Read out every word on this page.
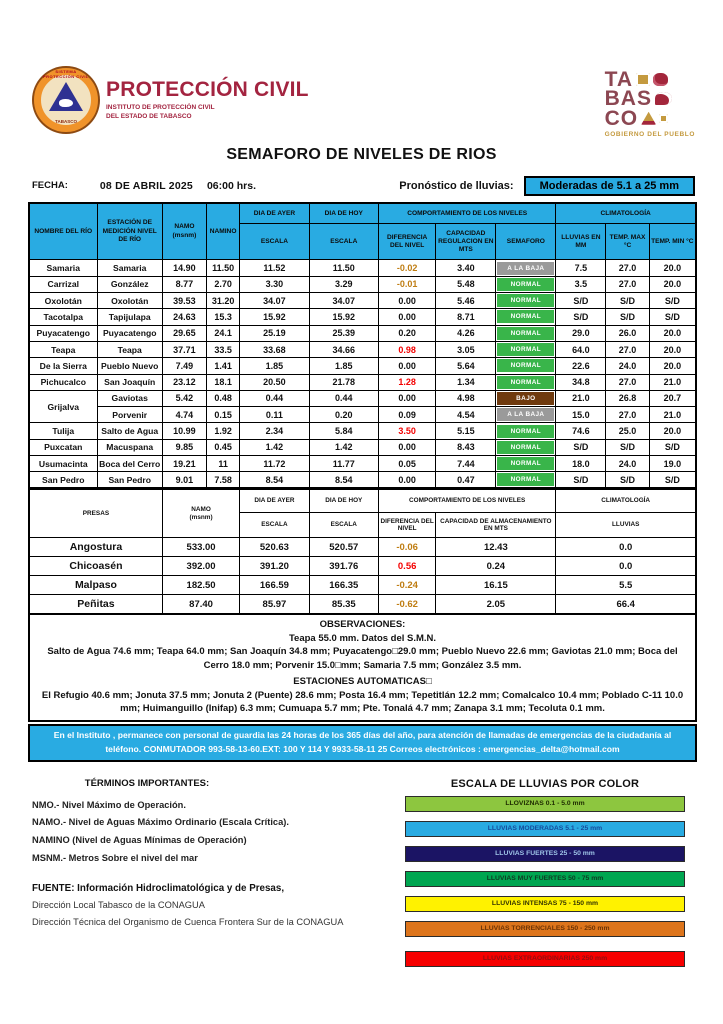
SISTEMA PROTECCIÓN CIVIL
TABASCO
PROTECCIÓN CIVIL
INSTITUTO DE PROTECCIÓN CIVIL
DEL ESTADO DE TABASCO
TA
BAS
CO
GOBIERNO DEL PUEBLO
SEMAFORO DE NIVELES DE RIOS
FECHA:	08 DE ABRIL 2025 06:00 hrs.	Pronóstico de lluvias:	Moderadas de 5.1 a 25 mm
NOMBRE DEL RÍO	ESTACIÓN DE MEDICIÓN NIVEL DE RÍO	NAMO (msnm)	NAMINO	DIA DE AYER	DIA DE HOY	COMPORTAMIENTO DE LOS NIVELES			CLIMATOLOGÍA		
				ESCALA	ESCALA	DIFERENCIA DEL NIVEL	CAPACIDAD REGULACION EN MTS	SEMAFORO	LLUVIAS EN MM	TEMP. MAX °C	TEMP. MIN °C
Samaria	Samaria	14.90	11.50	11.52	11.50	-0.02	3.40	A LA BAJA	7.5	27.0	20.0
Carrizal	González	8.77	2.70	3.30	3.29	-0.01	5.48	NORMAL	3.5	27.0	20.0
Oxolotán	Oxolotán	39.53	31.20	34.07	34.07	0.00	5.46	NORMAL	S/D	S/D	S/D
Tacotalpa	Tapijulapa	24.63	15.3	15.92	15.92	0.00	8.71	NORMAL	S/D	S/D	S/D
Puyacatengo	Puyacatengo	29.65	24.1	25.19	25.39	0.20	4.26	NORMAL	29.0	26.0	20.0
Teapa	Teapa	37.71	33.5	33.68	34.66	0.98	3.05	NORMAL	64.0	27.0	20.0
De la Sierra	Pueblo Nuevo	7.49	1.41	1.85	1.85	0.00	5.64	NORMAL	22.6	24.0	20.0
Pichucalco	San Joaquín	23.12	18.1	20.50	21.78	1.28	1.34	NORMAL	34.8	27.0	21.0
Grijalva	Gaviotas	5.42	0.48	0.44	0.44	0.00	4.98	BAJO	21.0	26.8	20.7
	Porvenir	4.74	0.15	0.11	0.20	0.09	4.54	A LA BAJA	15.0	27.0	21.0
Tulija	Salto de Agua	10.99	1.92	2.34	5.84	3.50	5.15	NORMAL	74.6	25.0	20.0
Puxcatan	Macuspana	9.85	0.45	1.42	1.42	0.00	8.43	NORMAL	S/D	S/D	S/D
Usumacinta	Boca del Cerro	19.21	11	11.72	11.77	0.05	7.44	NORMAL	18.0	24.0	19.0
San Pedro	San Pedro	9.01	7.58	8.54	8.54	0.00	0.47	NORMAL	S/D	S/D	S/D
PRESAS	NAMO
(msnm)	DIA DE AYER	DIA DE HOY	COMPORTAMIENTO DE LOS NIVELES		CLIMATOLOGÍA
		ESCALA	ESCALA	DIFERENCIA DEL NIVEL	CAPACIDAD DE ALMACENAMIENTO EN MTS	LLUVIAS
Angostura	533.00	520.63	520.57	-0.06	12.43	0.0
Chicoasén	392.00	391.20	391.76	0.56	0.24	0.0
Malpaso	182.50	166.59	166.35	-0.24	16.15	5.5
Peñitas	87.40	85.97	85.35	-0.62	2.05	66.4
OBSERVACIONES:
Teapa 55.0 mm. Datos del S.M.N.
Salto de Agua 74.6 mm; Teapa 64.0 mm; San Joaquín 34.8 mm; Puyacatengo□29.0 mm; Pueblo Nuevo 22.6 mm; Gaviotas 21.0 mm; Boca del Cerro 18.0 mm; Porvenir 15.0□mm; Samaria 7.5 mm; González 3.5 mm.
ESTACIONES AUTOMATICAS□
El Refugio 40.6 mm; Jonuta 37.5 mm; Jonuta 2 (Puente) 28.6 mm; Posta 16.4 mm; Tepetitlán 12.2 mm; Comalcalco 10.4 mm; Poblado C-11 10.0 mm; Huimanguillo (Inifap) 6.3 mm; Cumuapa 5.7 mm; Pte. Tonalá 4.7 mm; Zanapa 3.1 mm; Tecoluta 0.1 mm.
En el Instituto , permanece con personal de guardia las 24 horas de los 365 días del año, para atención de llamadas de emergencias de la ciudadanía al teléfono. CONMUTADOR 993-58-13-60.EXT: 100 Y 114 Y 9933-58-11 25 Correos electrónicos : emergencias_delta@hotmail.com
TÉRMINOS IMPORTANTES:
NMO.- Nivel Máximo de Operación.
NAMO.- Nivel de Aguas Máximo Ordinario (Escala Crítica).
NAMINO (Nivel de Aguas Mínimas de Operación)
MSNM.- Metros Sobre el nivel del mar
ESCALA DE LLUVIAS POR COLOR
LLOVIZNAS 0.1 - 5.0 mm
LLUVIAS MODERADAS 5.1 - 25 mm
LLUVIAS FUERTES 25 - 50 mm
LLUVIAS MUY FUERTES 50 - 75 mm
LLUVIAS INTENSAS 75 - 150 mm
LLUVIAS TORRENCIALES 150 - 250 mm
LLUVIAS EXTRAORDINARIAS 250 mm
FUENTE: Información Hidroclimatológica y de Presas,
Dirección Local Tabasco de la CONAGUA
Dirección Técnica del Organismo de Cuenca Frontera Sur de la CONAGUA
